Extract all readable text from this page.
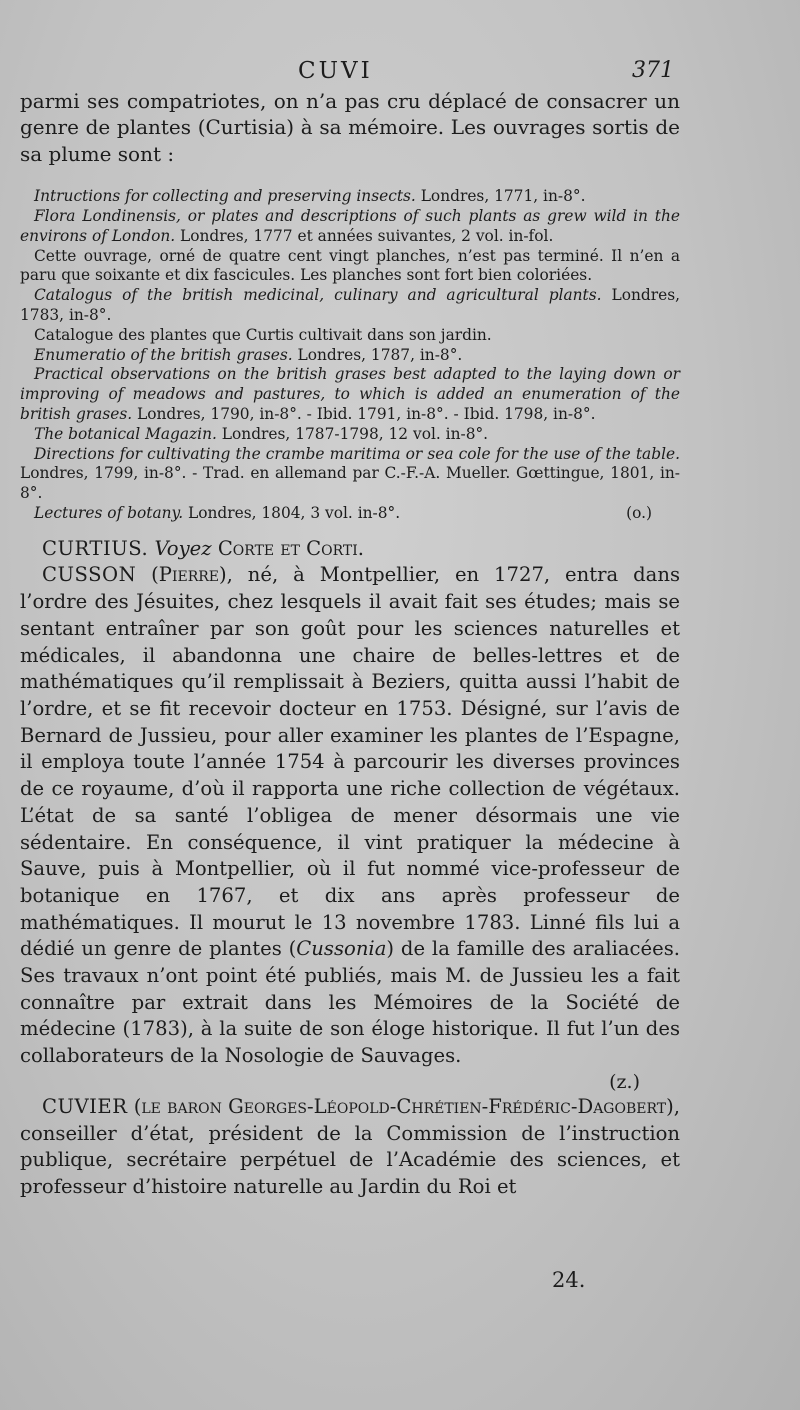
CUVI	371

parmi ses compatriotes, on n’a pas cru déplacé de consacrer un genre de plantes (Curtisia) à sa mémoire. Les ouvrages sortis de sa plume sont :

Intructions for collecting and preserving insects. Londres, 1771, in-8°.

Flora Londinensis, or plates and descriptions of such plants as grew wild in the environs of London. Londres, 1777 et années suivantes, 2 vol. in-fol.

Cette ouvrage, orné de quatre cent vingt planches, n’est pas terminé. Il n’en a paru que soixante et dix fascicules. Les planches sont fort bien coloriées.

Catalogus of the british medicinal, culinary and agricultural plants. Londres, 1783, in-8°.

Catalogue des plantes que Curtis cultivait dans son jardin.

Enumeratio of the british grases. Londres, 1787, in-8°.

Practical observations on the british grases best adapted to the laying down or improving of meadows and pastures, to which is added an enumeration of the british grases. Londres, 1790, in-8°. - Ibid. 1791, in-8°. - Ibid. 1798, in-8°.

The botanical Magazin. Londres, 1787-1798, 12 vol. in-8°.

Directions for cultivating the crambe maritima or sea cole for the use of the table. Londres, 1799, in-8°. - Trad. en allemand par C.-F.-A. Mueller. Gœttingue, 1801, in-8°.

Lectures of botany. Londres, 1804, 3 vol. in-8°.	(o.)

CURTIUS. Voyez Corte et Corti.

CUSSON (Pierre), né, à Montpellier, en 1727, entra dans l’ordre des Jésuites, chez lesquels il avait fait ses études; mais se sentant entraîner par son goût pour les sciences naturelles et médicales, il abandonna une chaire de belles-lettres et de mathématiques qu’il remplissait à Beziers, quitta aussi l’habit de l’ordre, et se fit recevoir docteur en 1753. Désigné, sur l’avis de Bernard de Jussieu, pour aller examiner les plantes de l’Espagne, il employa toute l’année 1754 à parcourir les diverses provinces de ce royaume, d’où il rapporta une riche collection de végétaux. L’état de sa santé l’obligea de mener désormais une vie sédentaire. En conséquence, il vint pratiquer la médecine à Sauve, puis à Montpellier, où il fut nommé vice-professeur de botanique en 1767, et dix ans après professeur de mathématiques. Il mourut le 13 novembre 1783. Linné fils lui a dédié un genre de plantes (Cussonia) de la famille des araliacées. Ses travaux n’ont point été publiés, mais M. de Jussieu les a fait connaître par extrait dans les Mémoires de la Société de médecine (1783), à la suite de son éloge historique. Il fut l’un des collaborateurs de la Nosologie de Sauvages.

(z.)

CUVIER (le baron Georges-Léopold-Chrétien-Frédéric-Dagobert), conseiller d’état, président de la Commission de l’instruction publique, secrétaire perpétuel de l’Académie des sciences, et professeur d’histoire naturelle au Jardin du Roi et

24.
